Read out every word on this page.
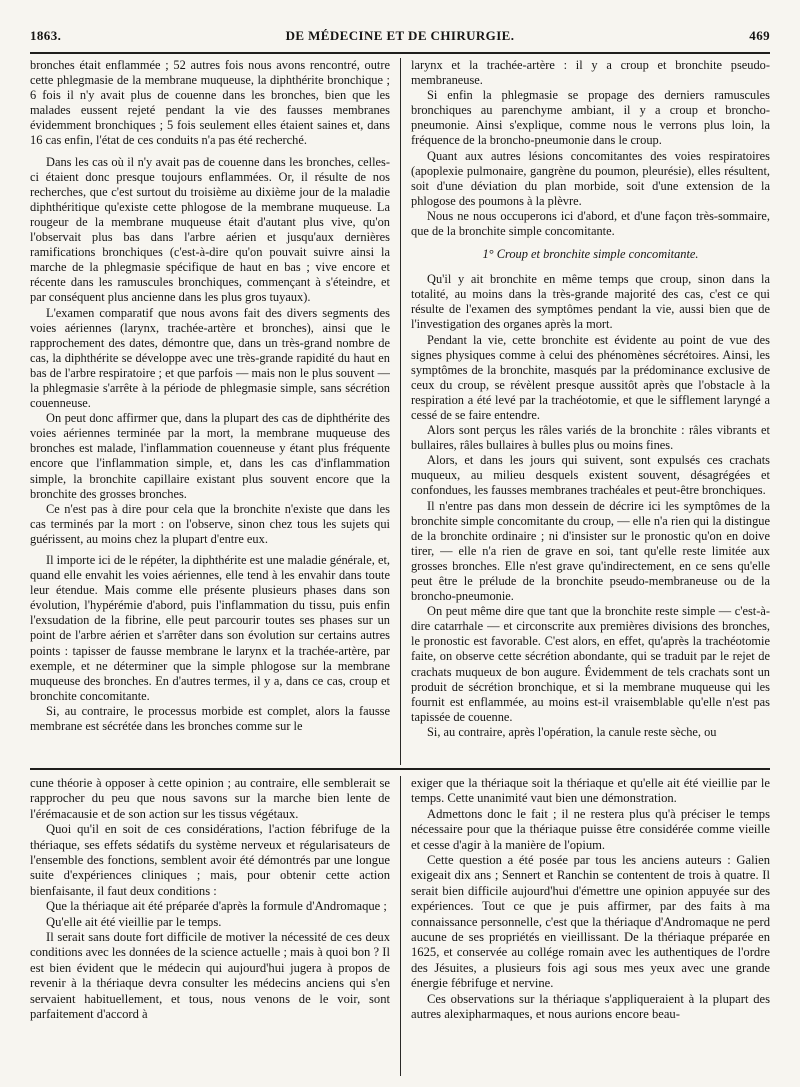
1863.	DE MÉDECINE ET DE CHIRURGIE.	469

bronches était enflammée ; 52 autres fois nous avons rencontré, outre cette phlegmasie de la membrane muqueuse, la diphthérite bronchique ; 6 fois il n'y avait plus de couenne dans les bronches, bien que les malades eussent rejeté pendant la vie des fausses membranes évidemment bronchiques ; 5 fois seulement elles étaient saines et, dans 16 cas enfin, l'état de ces conduits n'a pas été recherché.

Dans les cas où il n'y avait pas de couenne dans les bronches, celles-ci étaient donc presque toujours enflammées. Or, il résulte de nos recherches, que c'est surtout du troisième au dixième jour de la maladie diphthéritique qu'existe cette phlogose de la membrane muqueuse. La rougeur de la membrane muqueuse était d'autant plus vive, qu'on l'observait plus bas dans l'arbre aérien et jusqu'aux dernières ramifications bronchiques (c'est-à-dire qu'on pouvait suivre ainsi la marche de la phlegmasie spécifique de haut en bas ; vive encore et récente dans les ramuscules bronchiques, commençant à s'éteindre, et par conséquent plus ancienne dans les plus gros tuyaux).

L'examen comparatif que nous avons fait des divers segments des voies aériennes (larynx, trachée-artère et bronches), ainsi que le rapprochement des dates, démontre que, dans un très-grand nombre de cas, la diphthérite se développe avec une très-grande rapidité du haut en bas de l'arbre respiratoire ; et que parfois — mais non le plus souvent — la phlegmasie s'arrête à la période de phlegmasie simple, sans sécrétion couenneuse.

On peut donc affirmer que, dans la plupart des cas de diphthérite des voies aériennes terminée par la mort, la membrane muqueuse des bronches est malade, l'inflammation couenneuse y étant plus fréquente encore que l'inflammation simple, et, dans les cas d'inflammation simple, la bronchite capillaire existant plus souvent encore que la bronchite des grosses bronches.

Ce n'est pas à dire pour cela que la bronchite n'existe que dans les cas terminés par la mort : on l'observe, sinon chez tous les sujets qui guérissent, au moins chez la plupart d'entre eux.

Il importe ici de le répéter, la diphthérite est une maladie générale, et, quand elle envahit les voies aériennes, elle tend à les envahir dans toute leur étendue. Mais comme elle présente plusieurs phases dans son évolution, l'hypérémie d'abord, puis l'inflammation du tissu, puis enfin l'exsudation de la fibrine, elle peut parcourir toutes ses phases sur un point de l'arbre aérien et s'arrêter dans son évolution sur certains autres points : tapisser de fausse membrane le larynx et la trachée-artère, par exemple, et ne déterminer que la simple phlogose sur la membrane muqueuse des bronches. En d'autres termes, il y a, dans ce cas, croup et bronchite concomitante.

Si, au contraire, le processus morbide est complet, alors la fausse membrane est sécrétée dans les bronches comme sur le

larynx et la trachée-artère : il y a croup et bronchite pseudo-membraneuse.

Si enfin la phlegmasie se propage des derniers ramuscules bronchiques au parenchyme ambiant, il y a croup et broncho-pneumonie. Ainsi s'explique, comme nous le verrons plus loin, la fréquence de la broncho-pneumonie dans le croup.

Quant aux autres lésions concomitantes des voies respiratoires (apoplexie pulmonaire, gangrène du poumon, pleurésie), elles résultent, soit d'une déviation du plan morbide, soit d'une extension de la phlogose des poumons à la plèvre.

Nous ne nous occuperons ici d'abord, et d'une façon très-sommaire, que de la bronchite simple concomitante.

1° Croup et bronchite simple concomitante.

Qu'il y ait bronchite en même temps que croup, sinon dans la totalité, au moins dans la très-grande majorité des cas, c'est ce qui résulte de l'examen des symptômes pendant la vie, aussi bien que de l'investigation des organes après la mort.

Pendant la vie, cette bronchite est évidente au point de vue des signes physiques comme à celui des phénomènes sécrétoires. Ainsi, les symptômes de la bronchite, masqués par la prédominance exclusive de ceux du croup, se révèlent presque aussitôt après que l'obstacle à la respiration a été levé par la trachéotomie, et que le sifflement laryngé a cessé de se faire entendre.

Alors sont perçus les râles variés de la bronchite : râles vibrants et bullaires, râles bullaires à bulles plus ou moins fines.

Alors, et dans les jours qui suivent, sont expulsés ces crachats muqueux, au milieu desquels existent souvent, désagrégées et confondues, les fausses membranes trachéales et peut-être bronchiques.

Il n'entre pas dans mon dessein de décrire ici les symptômes de la bronchite simple concomitante du croup, — elle n'a rien qui la distingue de la bronchite ordinaire ; ni d'insister sur le pronostic qu'on en doive tirer, — elle n'a rien de grave en soi, tant qu'elle reste limitée aux grosses bronches. Elle n'est grave qu'indirectement, en ce sens qu'elle peut être le prélude de la bronchite pseudo-membraneuse ou de la broncho-pneumonie.

On peut même dire que tant que la bronchite reste simple — c'est-à-dire catarrhale — et circonscrite aux premières divisions des bronches, le pronostic est favorable. C'est alors, en effet, qu'après la trachéotomie faite, on observe cette sécrétion abondante, qui se traduit par le rejet de crachats muqueux de bon augure. Évidemment de tels crachats sont un produit de sécrétion bronchique, et si la membrane muqueuse qui les fournit est enflammée, au moins est-il vraisemblable qu'elle n'est pas tapissée de couenne.

Si, au contraire, après l'opération, la canule reste sèche, ou

cune théorie à opposer à cette opinion ; au contraire, elle semblerait se rapprocher du peu que nous savons sur la marche bien lente de l'érémacausie et de son action sur les tissus végétaux.

Quoi qu'il en soit de ces considérations, l'action fébrifuge de la thériaque, ses effets sédatifs du système nerveux et régularisateurs de l'ensemble des fonctions, semblent avoir été démontrés par une longue suite d'expériences cliniques ; mais, pour obtenir cette action bienfaisante, il faut deux conditions :

Que la thériaque ait été préparée d'après la formule d'Andromaque ;

Qu'elle ait été vieillie par le temps.

Il serait sans doute fort difficile de motiver la nécessité de ces deux conditions avec les données de la science actuelle ; mais à quoi bon ? Il est bien évident que le médecin qui aujourd'hui jugera à propos de revenir à la thériaque devra consulter les médecins anciens qui s'en servaient habituellement, et tous, nous venons de le voir, sont parfaitement d'accord à

exiger que la thériaque soit la thériaque et qu'elle ait été vieillie par le temps. Cette unanimité vaut bien une démonstration.

Admettons donc le fait ; il ne restera plus qu'à préciser le temps nécessaire pour que la thériaque puisse être considérée comme vieille et cesse d'agir à la manière de l'opium.

Cette question a été posée par tous les anciens auteurs : Galien exigeait dix ans ; Sennert et Ranchin se contentent de trois à quatre. Il serait bien difficile aujourd'hui d'émettre une opinion appuyée sur des expériences. Tout ce que je puis affirmer, par des faits à ma connaissance personnelle, c'est que la thériaque d'Andromaque ne perd aucune de ses propriétés en vieillissant. De la thériaque préparée en 1625, et conservée au collége romain avec les authentiques de l'ordre des Jésuites, a plusieurs fois agi sous mes yeux avec une grande énergie fébrifuge et nervine.

Ces observations sur la thériaque s'appliqueraient à la plupart des autres alexipharmaques, et nous aurions encore beau-
